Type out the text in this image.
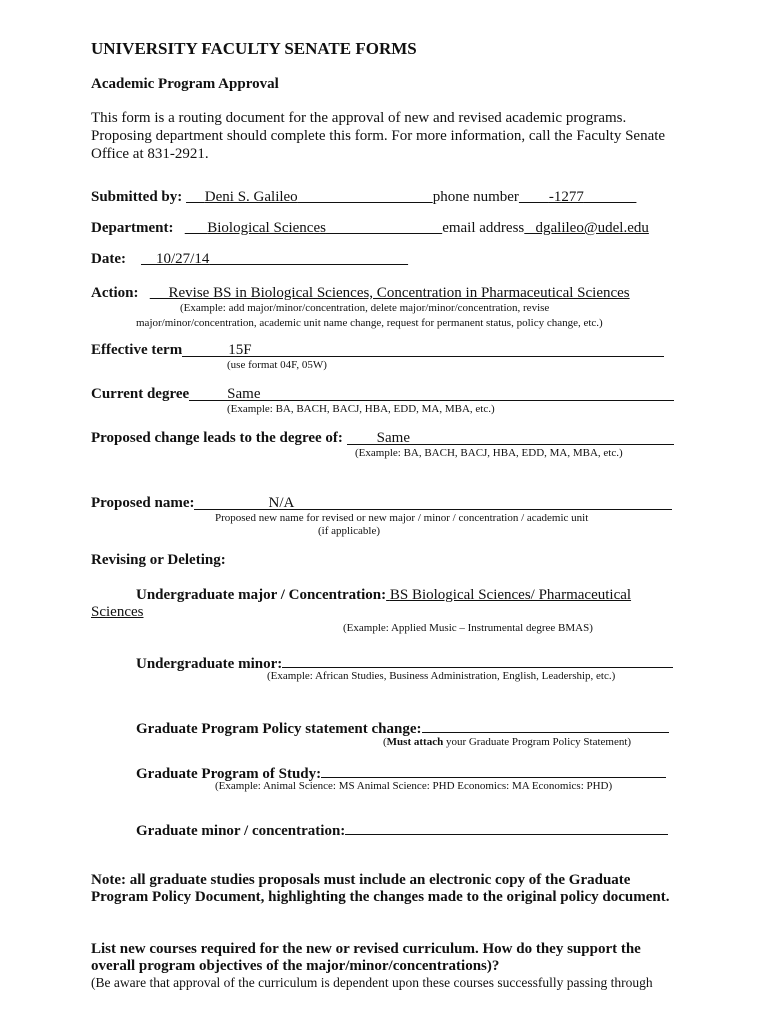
UNIVERSITY FACULTY SENATE FORMS
Academic Program Approval
This form is a routing document for the approval of new and revised academic programs.
Proposing department should complete this form. For more information, call the Faculty Senate
Office at 831-2921.
Submitted by: Deni S. Galileo	phone number -1277
Department: Biological Sciences	email address dgalileo@udel.edu
Date: 10/27/14
Action: Revise BS in Biological Sciences, Concentration in Pharmaceutical Sciences
(Example: add major/minor/concentration, delete major/minor/concentration, revise
major/minor/concentration, academic unit name change, request for permanent status, policy change, etc.)
Effective term	15F
(use format 04F, 05W)
Current degree	Same
(Example: BA, BACH, BACJ, HBA, EDD, MA, MBA, etc.)
Proposed change leads to the degree of: Same
(Example: BA, BACH, BACJ, HBA, EDD, MA, MBA, etc.)
Proposed name:	N/A
Proposed new name for revised or new major / minor / concentration / academic unit
(if applicable)
Revising or Deleting:
Undergraduate major / Concentration: BS Biological Sciences/ Pharmaceutical
Sciences
(Example: Applied Music – Instrumental degree BMAS)
Undergraduate minor:
(Example: African Studies, Business Administration, English, Leadership, etc.)
Graduate Program Policy statement change:
(Must attach your Graduate Program Policy Statement)
Graduate Program of Study:
(Example: Animal Science: MS Animal Science: PHD Economics: MA Economics: PHD)
Graduate minor / concentration:
Note: all graduate studies proposals must include an electronic copy of the Graduate
Program Policy Document, highlighting the changes made to the original policy document.
List new courses required for the new or revised curriculum. How do they support the
overall program objectives of the major/minor/concentrations)?
(Be aware that approval of the curriculum is dependent upon these courses successfully passing through
